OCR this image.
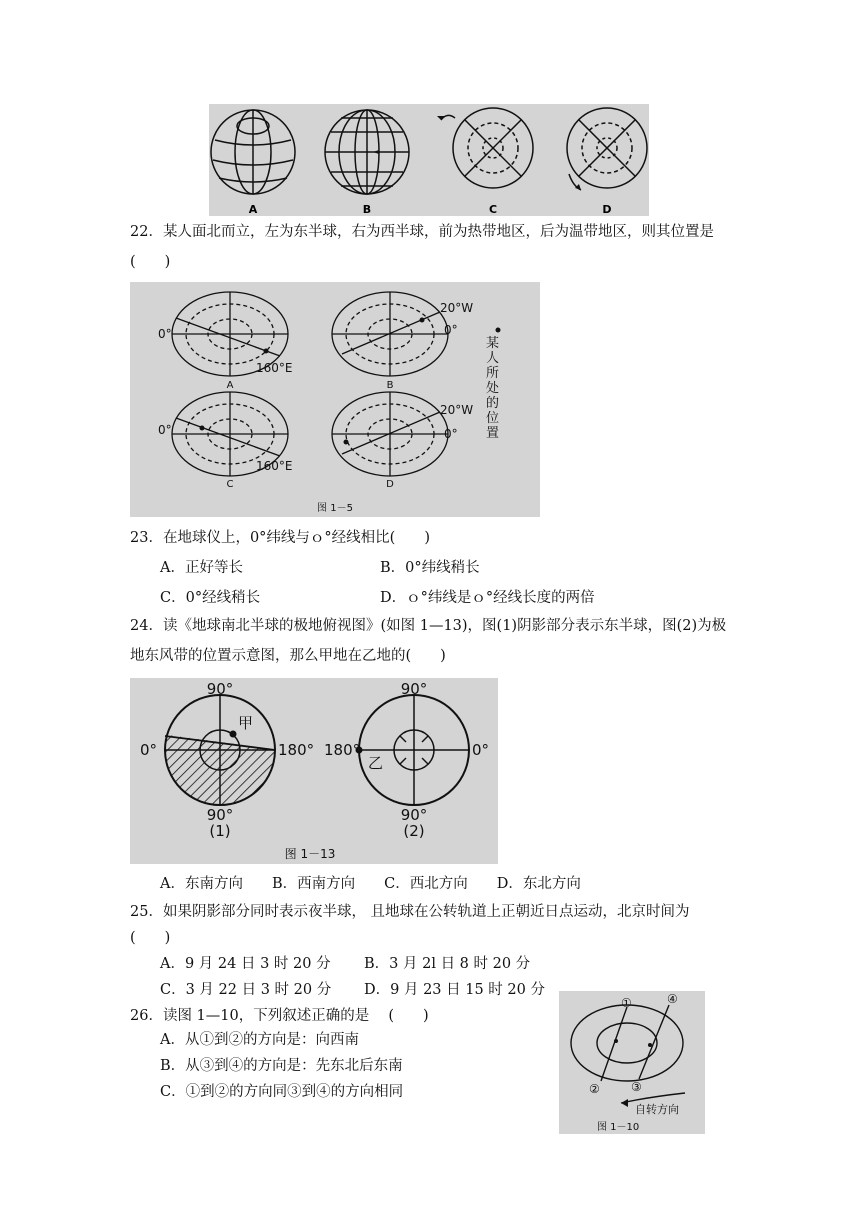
A	B	C	D
22．某人面北而立，左为东半球，右为西半球，前为热带地区，后为温带地区，则其位置是
(　　)
0°
160°E
20°W
0°
0°
160°E
20°W
0°
A	B
C	D
图 1－5
某人所处的位置
23．在地球仪上，0°纬线与ｏ°经线相比(　　)
A．正好等长	B．0°纬线稍长
C．0°经线稍长	D．ｏ°纬线是ｏ°经线长度的两倍
24．读《地球南北半球的极地俯视图》(如图 1—13)，图(1)阴影部分表示东半球，图(2)为极
地东风带的位置示意图，那么甲地在乙地的(　　)
90°
90°
0°	180°
甲
(1)
90°
90°
180°	0°
乙
(2)
图 1－13
A．东南方向　　B．西南方向　　C．西北方向　　D．东北方向
25．如果阴影部分同时表示夜半球， 且地球在公转轨道上正朝近日点运动，北京时间为
(　　)
A．9 月 24 日 3 时 20 分 B．3 月 2l 日 8 时 20 分
C．3 月 22 日 3 时 20 分 D．9 月 23 日 15 时 20 分
26．读图 1—10，下列叙述正确的是　 (　　)
A．从①到②的方向是：向西南
B．从③到④的方向是：先东北后东南
C．①到②的方向同③到④的方向相同
①
②	③
④
自转方向
图 1－10
